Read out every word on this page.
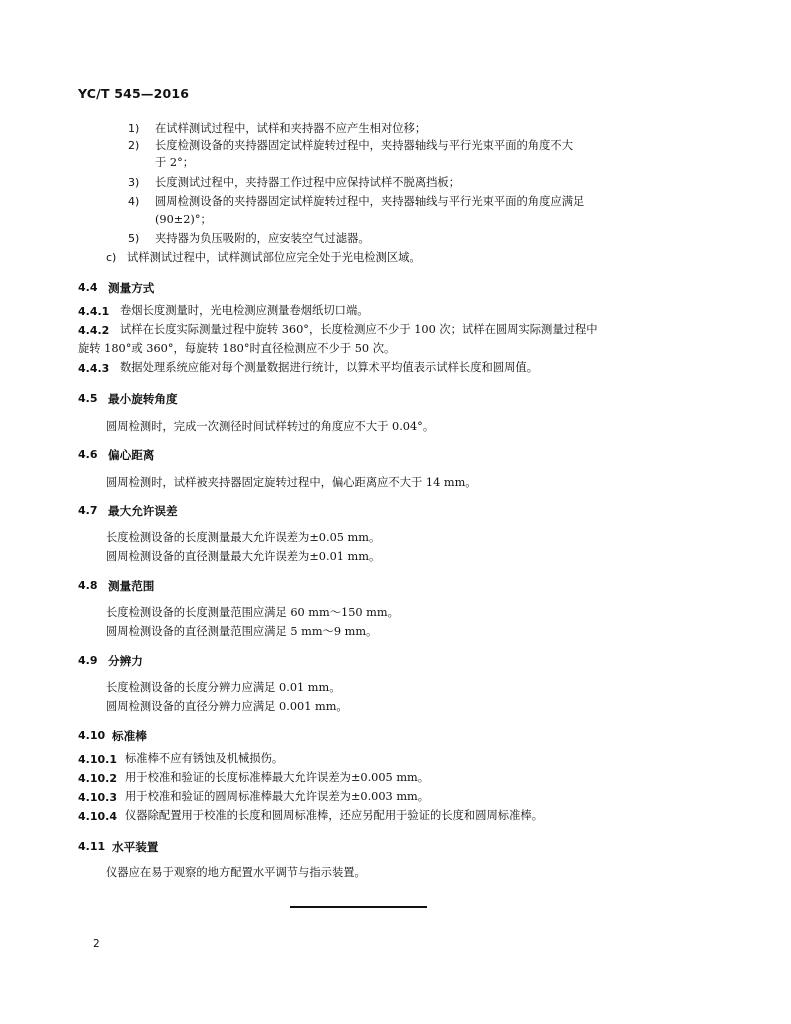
YC/T 545—2016
1) 在试样测试过程中，试样和夹持器不应产生相对位移；
2) 长度检测设备的夹持器固定试样旋转过程中，夹持器轴线与平行光束平面的角度不大
于 2°；
3) 长度测试过程中，夹持器工作过程中应保持试样不脱离挡板；
4) 圆周检测设备的夹持器固定试样旋转过程中，夹持器轴线与平行光束平面的角度应满足
(90±2)°；
5) 夹持器为负压吸附的，应安装空气过滤器。
c) 试样测试过程中，试样测试部位应完全处于光电检测区域。
4.4 测量方式
4.4.1 卷烟长度测量时，光电检测应测量卷烟纸切口端。
4.4.2 试样在长度实际测量过程中旋转 360°，长度检测应不少于 100 次；试样在圆周实际测量过程中
旋转 180°或 360°，每旋转 180°时直径检测应不少于 50 次。
4.4.3 数据处理系统应能对每个测量数据进行统计，以算术平均值表示试样长度和圆周值。
4.5 最小旋转角度
圆周检测时，完成一次测径时间试样转过的角度应不大于 0.04°。
4.6 偏心距离
圆周检测时，试样被夹持器固定旋转过程中，偏心距离应不大于 14 mm。
4.7 最大允许误差
长度检测设备的长度测量最大允许误差为±0.05 mm。
圆周检测设备的直径测量最大允许误差为±0.01 mm。
4.8 测量范围
长度检测设备的长度测量范围应满足 60 mm～150 mm。
圆周检测设备的直径测量范围应满足 5 mm～9 mm。
4.9 分辨力
长度检测设备的长度分辨力应满足 0.01 mm。
圆周检测设备的直径分辨力应满足 0.001 mm。
4.10 标准棒
4.10.1 标准棒不应有锈蚀及机械损伤。
4.10.2 用于校准和验证的长度标准棒最大允许误差为±0.005 mm。
4.10.3 用于校准和验证的圆周标准棒最大允许误差为±0.003 mm。
4.10.4 仪器除配置用于校准的长度和圆周标准棒，还应另配用于验证的长度和圆周标准棒。
4.11 水平装置
仪器应在易于观察的地方配置水平调节与指示装置。
2
